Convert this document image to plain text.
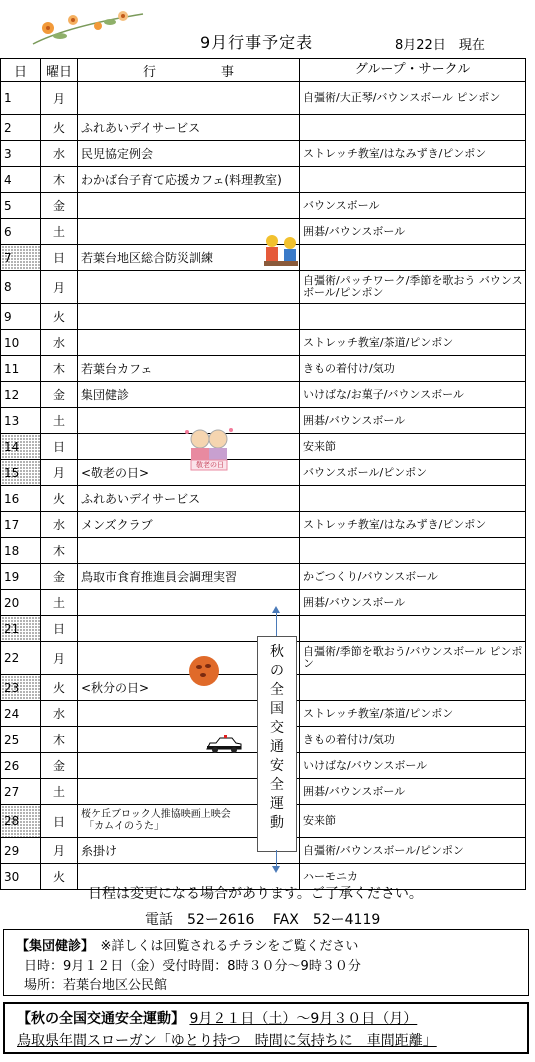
9月行事予定表	8月22日　現在
日	曜日	行　　　　　事	グループ・サークル
1	月		自彊術/大正琴/バウンスボール ピンポン
2	火	ふれあいデイサービス	
3	水	民児協定例会	ストレッチ教室/はなみずき/ピンポン
4	木	わかば台子育て応援カフェ(料理教室)	
5	金		バウンスボール
6	土		囲碁/バウンスボール
7	日	若葉台地区総合防災訓練	
8	月		自彊術/パッチワーク/季節を歌おう バウンスボール/ピンポン
9	火		
10	水		ストレッチ教室/茶道/ピンポン
11	木	若葉台カフェ	きもの着付け/気功
12	金	集団健診	いけばな/お菓子/バウンスボール
13	土		囲碁/バウンスボール
14	日		安来節
15	月	<敬老の日>	バウンスボール/ピンポン
16	火	ふれあいデイサービス	
17	水	メンズクラブ	ストレッチ教室/はなみずき/ピンポン
18	木		
19	金	鳥取市食育推進員会調理実習	かごつくり/バウンスボール
20	土		囲碁/バウンスボール
21	日		
22	月		自彊術/季節を歌おう/バウンスボール ピンポン
23	火	<秋分の日>	
24	水		ストレッチ教室/茶道/ピンポン
25	木		きもの着付け/気功
26	金		いけばな/バウンスボール
27	土		囲碁/バウンスボール
28	日	桜ケ丘ブロック人推協映画上映会
「カムイのうた」	安来節
29	月	糸掛け	自彊術/バウンスボール/ピンポン
30	火		ハーモニカ
敬老の日
秋の全国交通安全運動
日程は変更になる場合があります。ご了承ください。
電話　52ー2616　 FAX　52ー4119
【集団健診】　※詳しくは回覧されるチラシをご覧ください
日時：9月１２日（金）受付時間：8時３０分～9時３０分
場所：若葉台地区公民館
【秋の全国交通安全運動】 9月２１日（土）～9月３０日（月）
鳥取県年間スローガン「ゆとり持つ　時間に気持ちに　車間距離」
